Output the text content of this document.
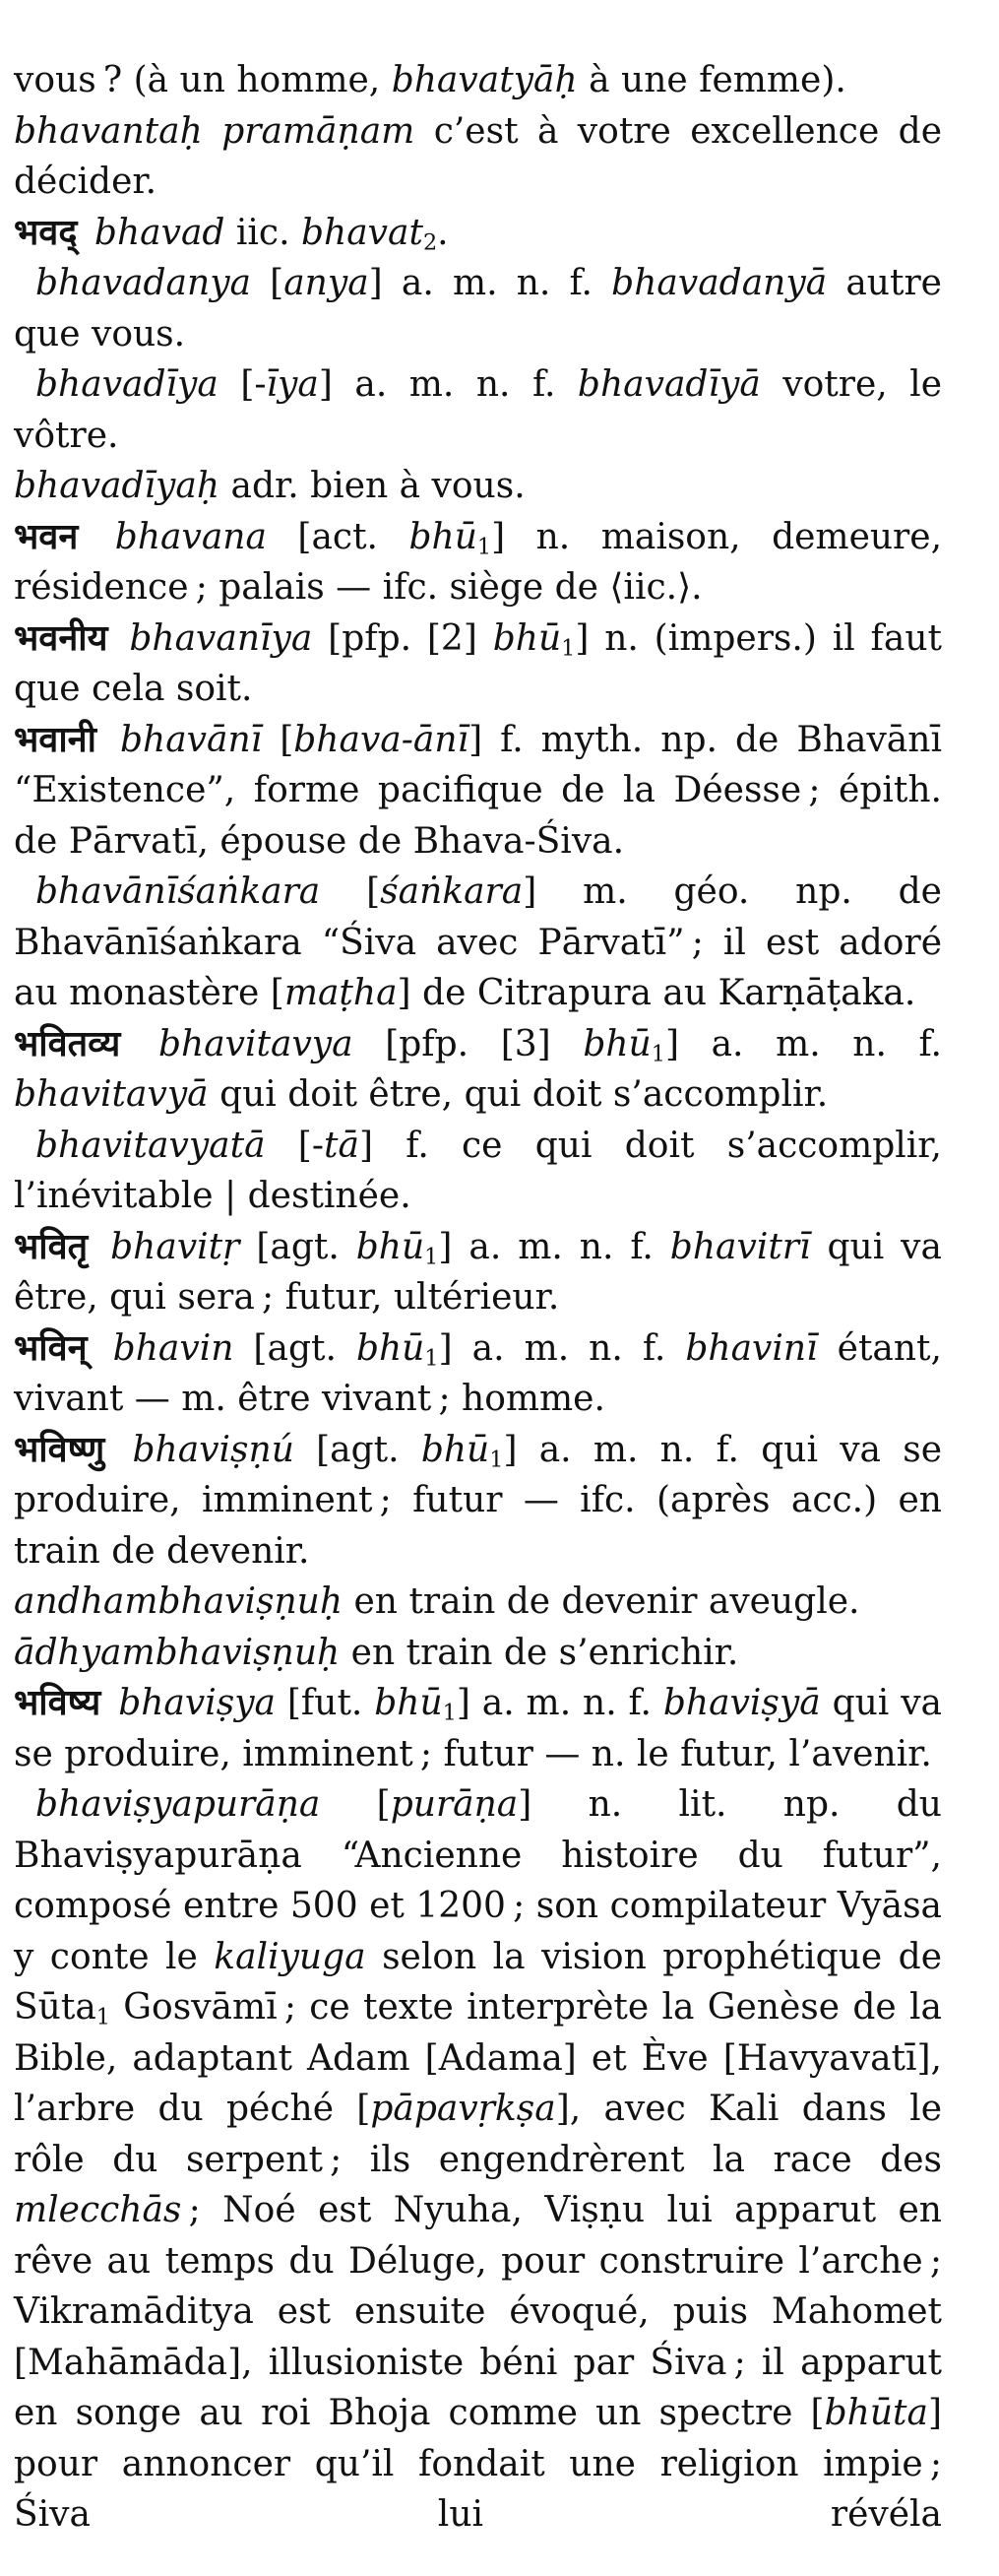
vous ? (à un homme, bhavatyāḥ à une femme).

bhavantaḥ pramāṇam c’est à votre excellence de décider.

भवद् bhavad iic. bhavat$_2$.

bhavadanya [anya] a. m. n. f. bhavadanyā autre que vous.

bhavadīya [-īya] a. m. n. f. bhavadīyā votre, le vôtre.

bhavadīyaḥ adr. bien à vous.

भवन bhavana [act. bhū$_1$] n. maison, demeure, résidence ; palais — ifc. siège de ⟨iic.⟩.

भवनीय bhavanīya [pfp. [2] bhū$_1$] n. (impers.) il faut que cela soit.

भवानी bhavānī [bhava-ānī] f. myth. np. de Bhavānī “Existence”, forme pacifique de la Déesse ; épith. de Pārvatī, épouse de Bhava-Śiva.

bhavānīśaṅkara [śaṅkara] m. géo. np. de Bhavānīśaṅkara “Śiva avec Pārvatī” ; il est adoré au monastère [maṭha] de Citrapura au Karṇāṭaka.

भवितव्य bhavitavya [pfp. [3] bhū$_1$] a. m. n. f. bhavitavyā qui doit être, qui doit s’accomplir.

bhavitavyatā [-tā] f. ce qui doit s’accomplir, l’inévitable | destinée.

भवितृ bhavitṛ [agt. bhū$_1$] a. m. n. f. bhavitrī qui va être, qui sera ; futur, ultérieur.

भविन् bhavin [agt. bhū$_1$] a. m. n. f. bhavinī étant, vivant — m. être vivant ; homme.

भविष्णु bhaviṣṇú [agt. bhū$_1$] a. m. n. f. qui va se produire, imminent ; futur — ifc. (après acc.) en train de devenir.

andhambhaviṣṇuḥ en train de devenir aveugle.

ādhyambhaviṣṇuḥ en train de s’enrichir.

भविष्य bhaviṣya [fut. bhū$_1$] a. m. n. f. bhaviṣyā qui va se produire, imminent ; futur — n. le futur, l’avenir.

bhaviṣyapurāṇa [purāṇa] n. lit. np. du Bhaviṣyapurāṇa “Ancienne histoire du futur”, composé entre 500 et 1200 ; son compilateur Vyāsa y conte le kaliyuga selon la vision prophétique de Sūta$_1$ Gosvāmī ; ce texte interprète la Genèse de la Bible, adaptant Adam [Adama] et Ève [Havyavatī], l’arbre du péché [pāpavṛkṣa], avec Kali dans le rôle du serpent ; ils engendrèrent la race des mlecchās ; Noé est Nyuha, Viṣṇu lui apparut en rêve au temps du Déluge, pour construire l’arche ; Vikramāditya est ensuite évoqué, puis Mahomet [Mahāmāda], illusioniste béni par Śiva ; il apparut en songe au roi Bhoja comme un spectre [bhūta] pour annoncer qu’il fondait une religion impie ; Śiva lui révéla
